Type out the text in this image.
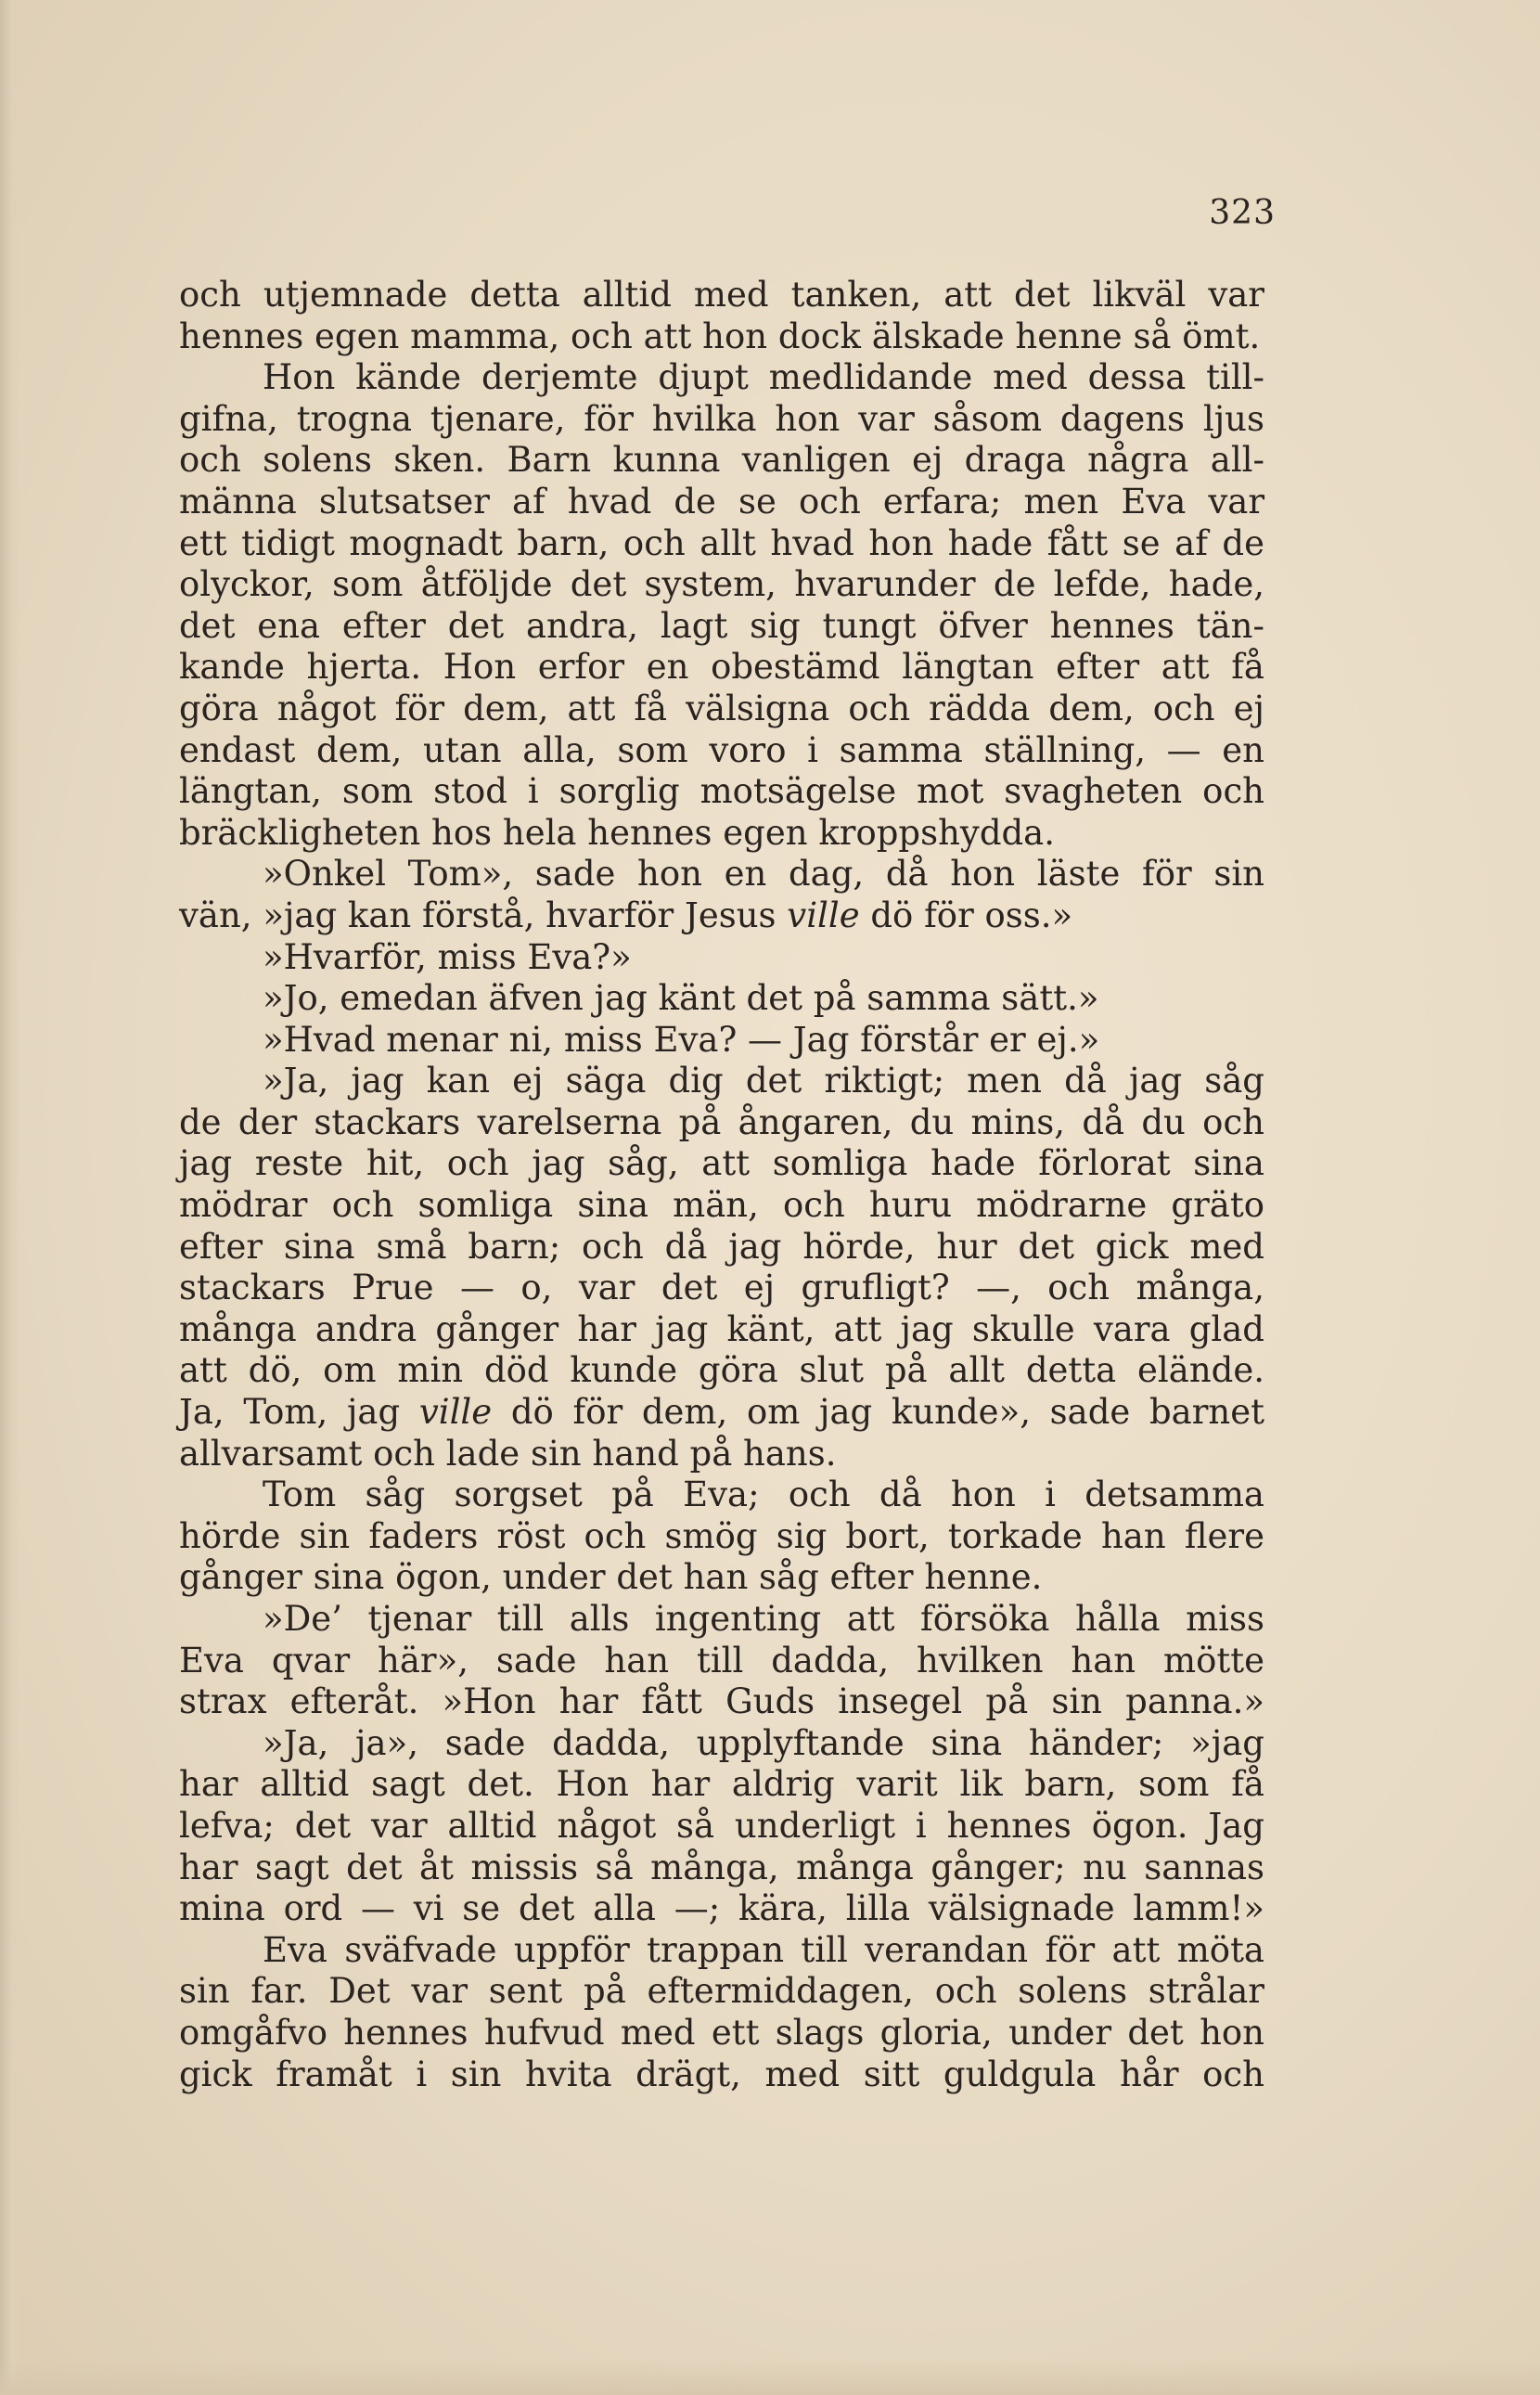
323
och utjemnade detta alltid med tanken, att det likväl var
hennes egen mamma, och att hon dock älskade henne så ömt.
Hon kände derjemte djupt medlidande med dessa till-
gifna, trogna tjenare, för hvilka hon var såsom dagens ljus
och solens sken. Barn kunna vanligen ej draga några all-
männa slutsatser af hvad de se och erfara; men Eva var
ett tidigt mognadt barn, och allt hvad hon hade fått se af de
olyckor, som åtföljde det system, hvarunder de lefde, hade,
det ena efter det andra, lagt sig tungt öfver hennes tän-
kande hjerta. Hon erfor en obestämd längtan efter att få
göra något för dem, att få välsigna och rädda dem, och ej
endast dem, utan alla, som voro i samma ställning, — en
längtan, som stod i sorglig motsägelse mot svagheten och
bräckligheten hos hela hennes egen kroppshydda.
»Onkel Tom», sade hon en dag, då hon läste för sin
vän, »jag kan förstå, hvarför Jesus ville dö för oss.»
»Hvarför, miss Eva?»
»Jo, emedan äfven jag känt det på samma sätt.»
»Hvad menar ni, miss Eva? — Jag förstår er ej.»
»Ja, jag kan ej säga dig det riktigt; men då jag såg
de der stackars varelserna på ångaren, du mins, då du och
jag reste hit, och jag såg, att somliga hade förlorat sina
mödrar och somliga sina män, och huru mödrarne gräto
efter sina små barn; och då jag hörde, hur det gick med
stackars Prue — o, var det ej grufligt? —, och många,
många andra gånger har jag känt, att jag skulle vara glad
att dö, om min död kunde göra slut på allt detta elände.
Ja, Tom, jag ville dö för dem, om jag kunde», sade barnet
allvarsamt och lade sin hand på hans.
Tom såg sorgset på Eva; och då hon i detsamma
hörde sin faders röst och smög sig bort, torkade han flere
gånger sina ögon, under det han såg efter henne.
»De’ tjenar till alls ingenting att försöka hålla miss
Eva qvar här», sade han till dadda, hvilken han mötte
strax efteråt. »Hon har fått Guds insegel på sin panna.»
»Ja, ja», sade dadda, upplyftande sina händer; »jag
har alltid sagt det. Hon har aldrig varit lik barn, som få
lefva; det var alltid något så underligt i hennes ögon. Jag
har sagt det åt missis så många, många gånger; nu sannas
mina ord — vi se det alla —; kära, lilla välsignade lamm!»
Eva sväfvade uppför trappan till verandan för att möta
sin far. Det var sent på eftermiddagen, och solens strålar
omgåfvo hennes hufvud med ett slags gloria, under det hon
gick framåt i sin hvita drägt, med sitt guldgula hår och
